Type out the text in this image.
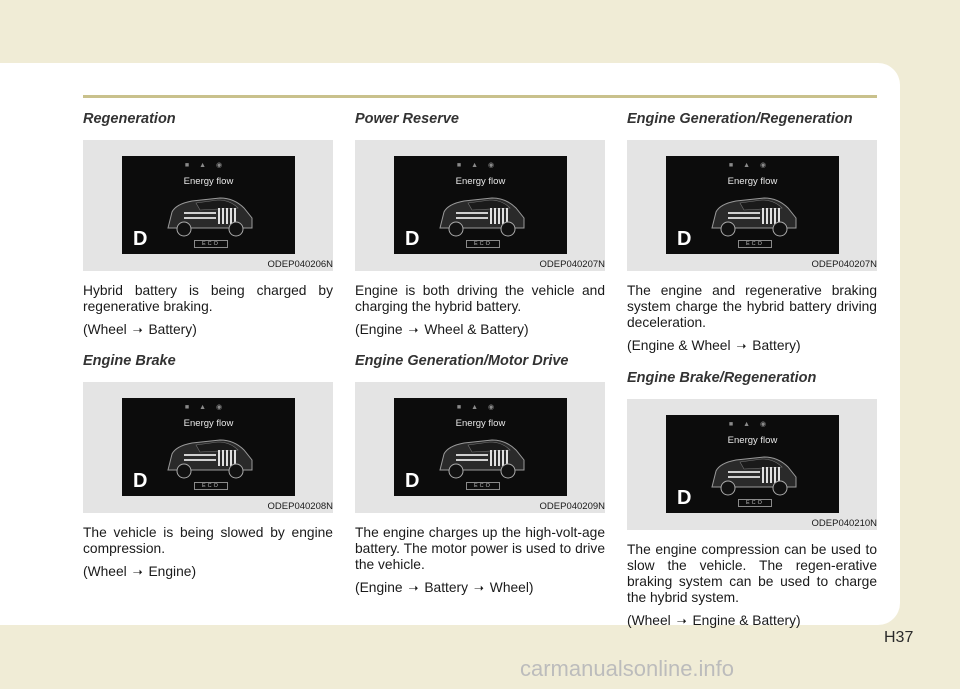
Regeneration
■▲◉
Energy flow
D	ECO
ODEP040206N
Hybrid battery is being charged by regenerative braking.
(Wheel ➝ Battery)
Engine Brake
■▲◉
Energy flow
D	ECO
ODEP040208N
The vehicle is being slowed by engine compression.
(Wheel ➝ Engine)
Power Reserve
■▲◉
Energy flow
D	ECO
ODEP040207N
Engine is both driving the vehicle and charging the hybrid battery.
(Engine ➝ Wheel & Battery)
Engine Generation/Motor Drive
■▲◉
Energy flow
D	ECO
ODEP040209N
The engine charges up the high-volt-age battery. The motor power is used to drive the vehicle.
(Engine ➝ Battery ➝ Wheel)
Engine Generation/Regeneration
■▲◉
Energy flow
D	ECO
ODEP040207N
The engine and regenerative braking system charge the hybrid battery driving deceleration.
(Engine & Wheel ➝ Battery)
Engine Brake/Regeneration
■▲◉
Energy flow
D	ECO
ODEP040210N
The engine compression can be used to slow the vehicle. The regen-erative braking system can be used to charge the hybrid system.
(Wheel ➝ Engine & Battery)
H37
carmanualsonline.info
